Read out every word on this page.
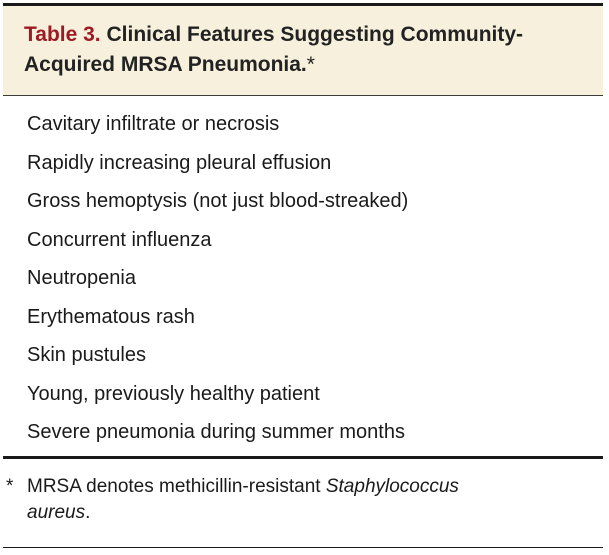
Table 3. Clinical Features Suggesting Community-
Acquired MRSA Pneumonia.*
Cavitary infiltrate or necrosis
Rapidly increasing pleural effusion
Gross hemoptysis (not just blood-streaked)
Concurrent influenza
Neutropenia
Erythematous rash
Skin pustules
Young, previously healthy patient
Severe pneumonia during summer months
* MRSA denotes methicillin-resistant Staphylococcus
aureus.
